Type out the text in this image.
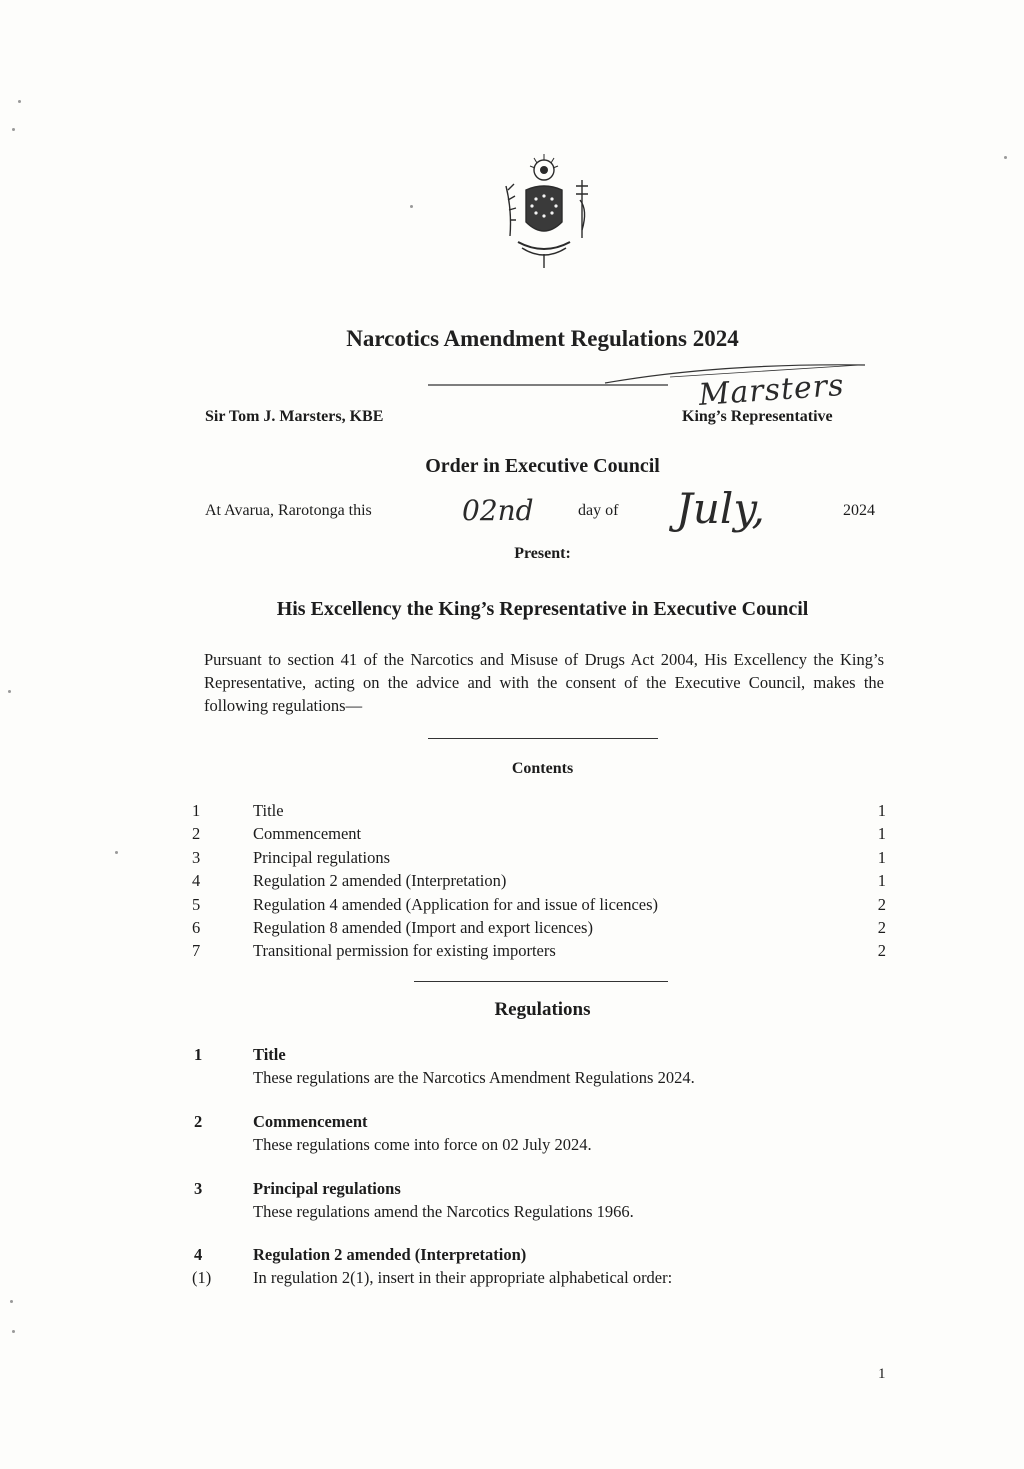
Narcotics Amendment Regulations 2024
Sir Tom J. Marsters, KBE	King’s Representative
Marsters
Order in Executive Council
At Avarua, Rarotonga this	02nd	day of July,	2024
Present:
His Excellency the King’s Representative in Executive Council
Pursuant to section 41 of the Narcotics and Misuse of Drugs Act 2004, His Excellency the King’s Representative, acting on the advice and with the consent of the Executive Council, makes the following regulations—
Contents
1	Title	1
2	Commencement	1
3	Principal regulations	1
4	Regulation 2 amended (Interpretation)	1
5	Regulation 4 amended (Application for and issue of licences)	2
6	Regulation 8 amended (Import and export licences)	2
7	Transitional permission for existing importers	2
Regulations
1	Title
These regulations are the Narcotics Amendment Regulations 2024.
2	Commencement
These regulations come into force on 02 July 2024.
3	Principal regulations
These regulations amend the Narcotics Regulations 1966.
4	Regulation 2 amended (Interpretation)
(1)	In regulation 2(1), insert in their appropriate alphabetical order:
1
